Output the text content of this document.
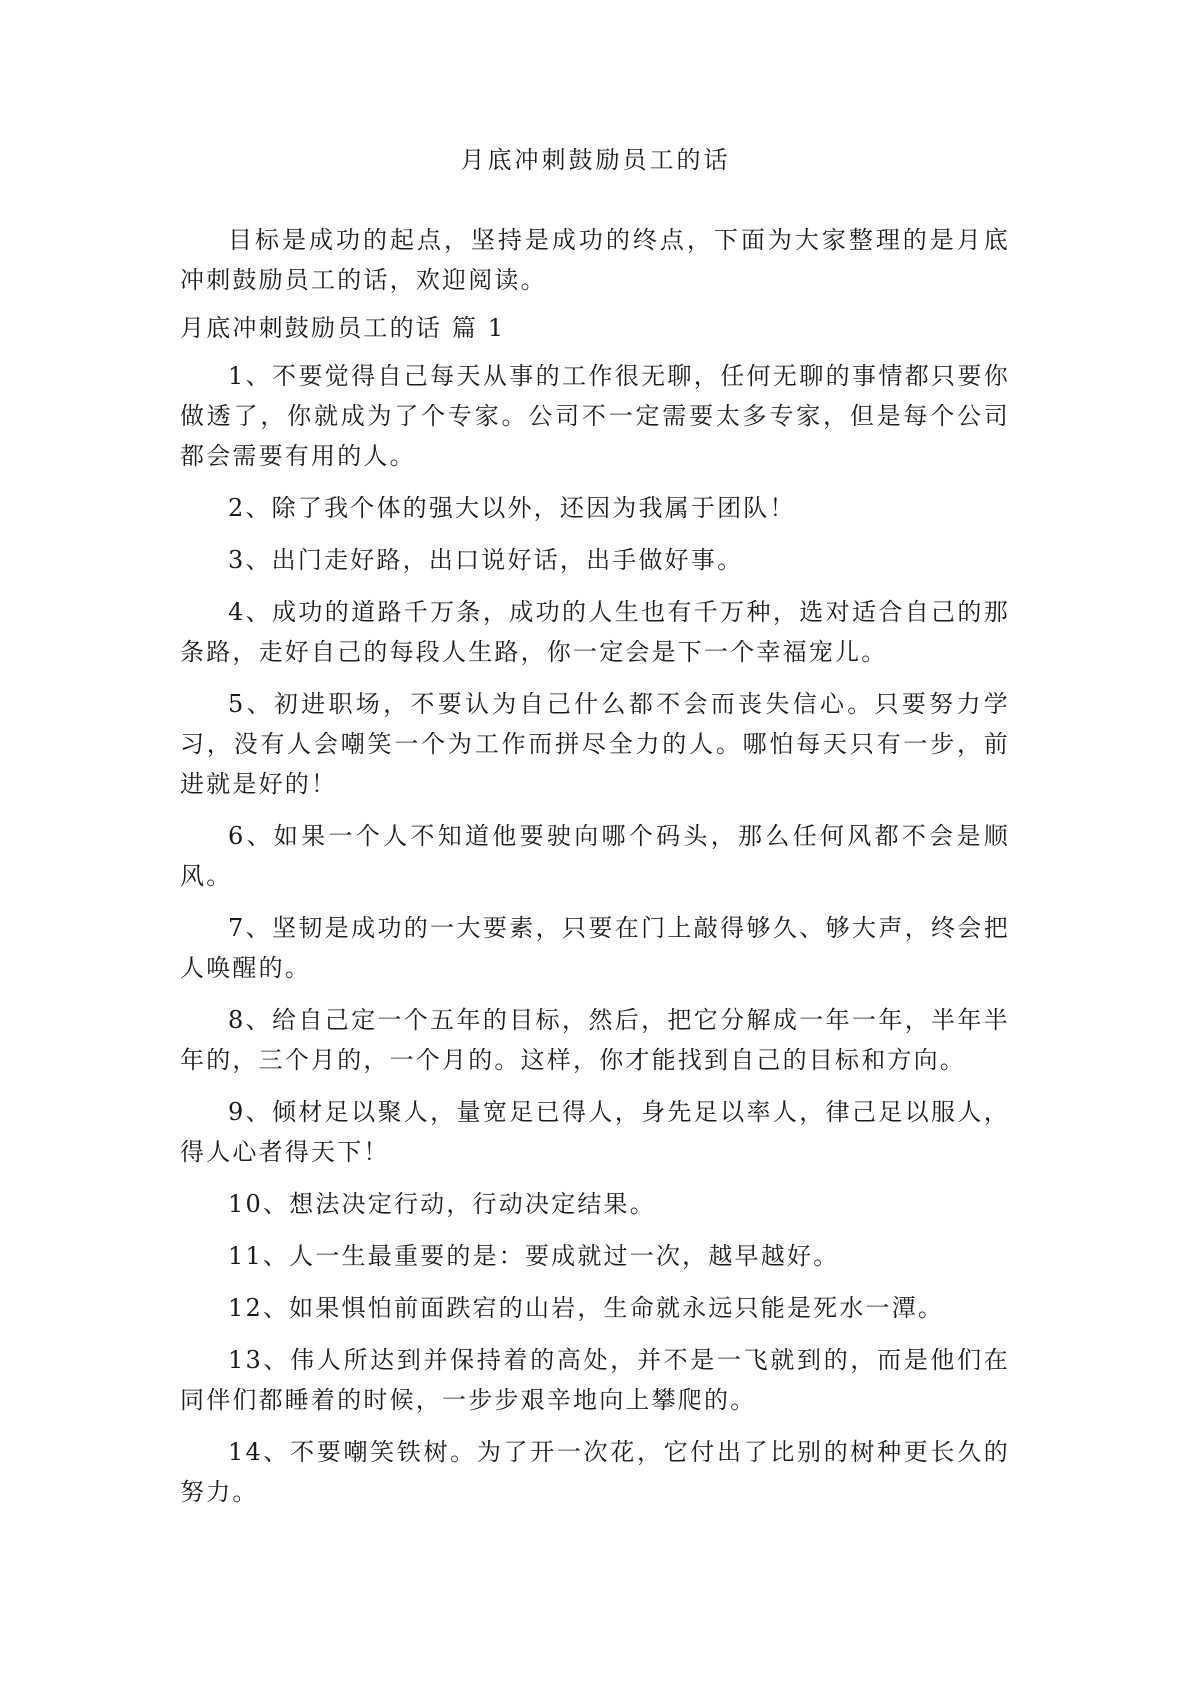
月底冲刺鼓励员工的话

目标是成功的起点，坚持是成功的终点，下面为大家整理的是月底冲刺鼓励员工的话，欢迎阅读。

月底冲刺鼓励员工的话 篇 1

1、不要觉得自己每天从事的工作很无聊，任何无聊的事情都只要你做透了，你就成为了个专家。公司不一定需要太多专家，但是每个公司都会需要有用的人。

2、除了我个体的强大以外，还因为我属于团队！

3、出门走好路，出口说好话，出手做好事。

4、成功的道路千万条，成功的人生也有千万种，选对适合自己的那条路，走好自己的每段人生路，你一定会是下一个幸福宠儿。

5、初进职场，不要认为自己什么都不会而丧失信心。只要努力学习，没有人会嘲笑一个为工作而拼尽全力的人。哪怕每天只有一步，前进就是好的！

6、如果一个人不知道他要驶向哪个码头，那么任何风都不会是顺风。

7、坚韧是成功的一大要素，只要在门上敲得够久、够大声，终会把人唤醒的。

8、给自己定一个五年的目标，然后，把它分解成一年一年，半年半年的，三个月的，一个月的。这样，你才能找到自己的目标和方向。

9、倾材足以聚人，量宽足已得人，身先足以率人，律己足以服人，得人心者得天下！

10、想法决定行动，行动决定结果。

11、人一生最重要的是：要成就过一次，越早越好。

12、如果惧怕前面跌宕的山岩，生命就永远只能是死水一潭。

13、伟人所达到并保持着的高处，并不是一飞就到的，而是他们在同伴们都睡着的时候，一步步艰辛地向上攀爬的。

14、不要嘲笑铁树。为了开一次花，它付出了比别的树种更长久的努力。
